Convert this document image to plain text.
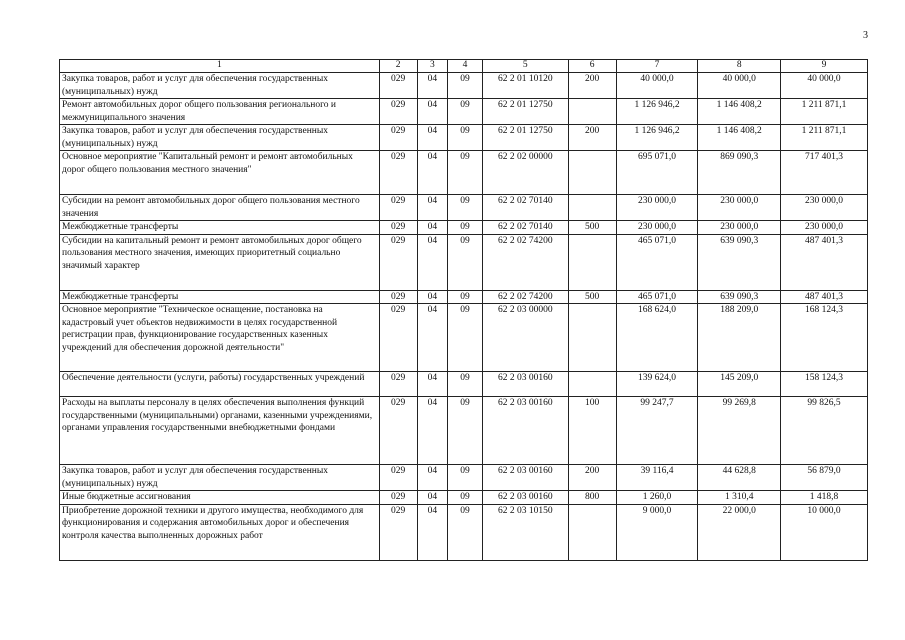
3
1	2	3	4	5	6	7	8	9
Закупка товаров, работ и услуг для обеспечения государственных (муниципальных) нужд	029	04	09	62 2 01 10120	200	40 000,0	40 000,0	40 000,0
Ремонт автомобильных дорог общего пользования регионального и межмуниципального значения	029	04	09	62 2 01 12750		1 126 946,2	1 146 408,2	1 211 871,1
Закупка товаров, работ и услуг для обеспечения государственных (муниципальных) нужд	029	04	09	62 2 01 12750	200	1 126 946,2	1 146 408,2	1 211 871,1
Основное мероприятие "Капитальный ремонт и ремонт автомобильных дорог общего пользования местного значения"	029	04	09	62 2 02 00000		695 071,0	869 090,3	717 401,3
Субсидии на ремонт автомобильных дорог общего пользования местного значения	029	04	09	62 2 02 70140		230 000,0	230 000,0	230 000,0
Межбюджетные трансферты	029	04	09	62 2 02 70140	500	230 000,0	230 000,0	230 000,0
Субсидии на капитальный ремонт и ремонт автомобильных дорог общего пользования местного значения, имеющих приоритетный социально значимый характер	029	04	09	62 2 02 74200		465 071,0	639 090,3	487 401,3
Межбюджетные трансферты	029	04	09	62 2 02 74200	500	465 071,0	639 090,3	487 401,3
Основное мероприятие "Техническое оснащение, постановка на кадастровый учет объектов недвижимости в целях государственной регистрации прав, функционирование государственных казенных учреждений для обеспечения дорожной деятельности"	029	04	09	62 2 03 00000		168 624,0	188 209,0	168 124,3
Обеспечение деятельности (услуги, работы) государственных учреждений	029	04	09	62 2 03 00160		139 624,0	145 209,0	158 124,3
Расходы на выплаты персоналу в целях обеспечения выполнения функций государственными (муниципальными) органами, казенными учреждениями, органами управления государственными внебюджетными фондами	029	04	09	62 2 03 00160	100	99 247,7	99 269,8	99 826,5
Закупка товаров, работ и услуг для обеспечения государственных (муниципальных) нужд	029	04	09	62 2 03 00160	200	39 116,4	44 628,8	56 879,0
Иные бюджетные ассигнования	029	04	09	62 2 03 00160	800	1 260,0	1 310,4	1 418,8
Приобретение дорожной техники и другого имущества, необходимого для функционирования и содержания автомобильных дорог и обеспечения контроля качества выполненных дорожных работ	029	04	09	62 2 03 10150		9 000,0	22 000,0	10 000,0
